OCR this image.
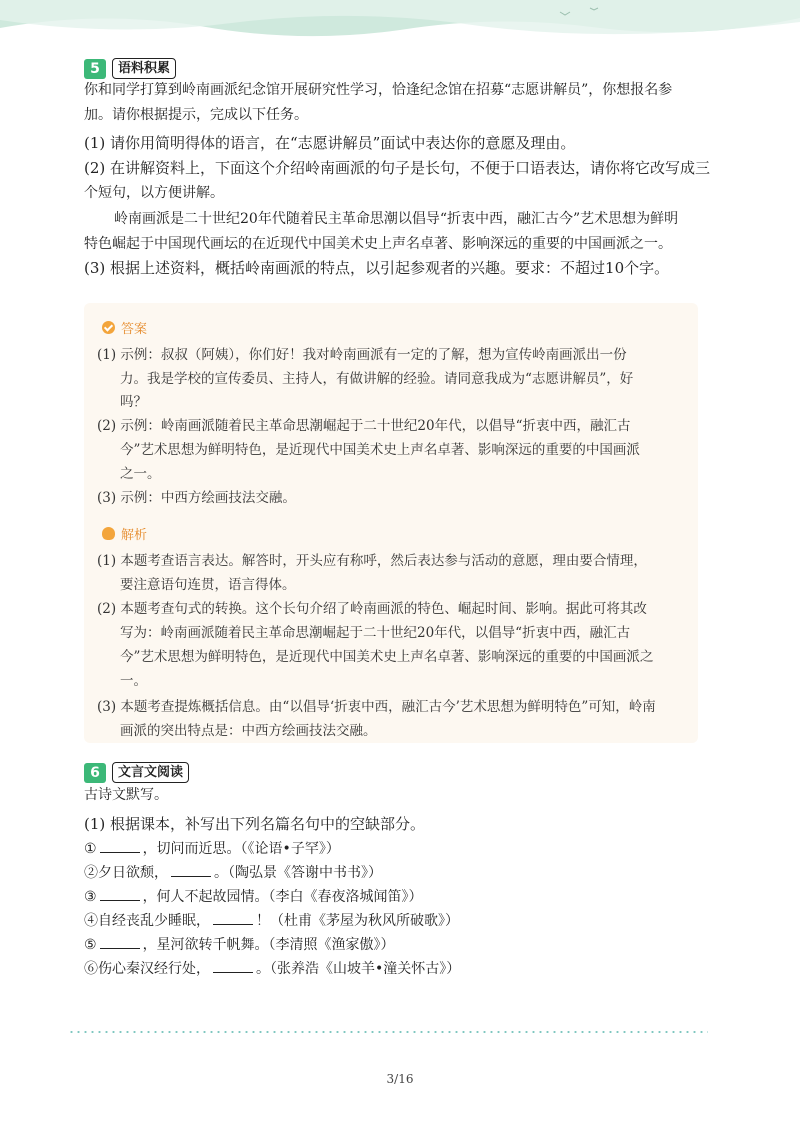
5	语料积累
你和同学打算到岭南画派纪念馆开展研究性学习，恰逢纪念馆在招募“志愿讲解员”，你想报名参
加。请你根据提示，完成以下任务。
(1) 请你用简明得体的语言，在“志愿讲解员”面试中表达你的意愿及理由。
(2) 在讲解资料上，下面这个介绍岭南画派的句子是长句，不便于口语表达，请你将它改写成三
个短句，以方便讲解。
岭南画派是二十世纪20年代随着民主革命思潮以倡导“折衷中西，融汇古今”艺术思想为鲜明
特色崛起于中国现代画坛的在近现代中国美术史上声名卓著、影响深远的重要的中国画派之一。
(3) 根据上述资料，概括岭南画派的特点，以引起参观者的兴趣。要求：不超过10个字。
答案
(1) 示例：叔叔（阿姨），你们好！我对岭南画派有一定的了解，想为宣传岭南画派出一份
力。我是学校的宣传委员、主持人，有做讲解的经验。请同意我成为“志愿讲解员”，好
吗？
(2) 示例：岭南画派随着民主革命思潮崛起于二十世纪20年代，以倡导“折衷中西，融汇古
今”艺术思想为鲜明特色，是近现代中国美术史上声名卓著、影响深远的重要的中国画派
之一。
(3) 示例：中西方绘画技法交融。
解析
(1) 本题考查语言表达。解答时，开头应有称呼，然后表达参与活动的意愿，理由要合情理，
要注意语句连贯，语言得体。
(2) 本题考查句式的转换。这个长句介绍了岭南画派的特色、崛起时间、影响。据此可将其改
写为：岭南画派随着民主革命思潮崛起于二十世纪20年代，以倡导“折衷中西，融汇古
今”艺术思想为鲜明特色，是近现代中国美术史上声名卓著、影响深远的重要的中国画派之
一。
(3) 本题考查提炼概括信息。由“以倡导‘折衷中西，融汇古今’艺术思想为鲜明特色”可知，岭南
画派的突出特点是：中西方绘画技法交融。
6	文言文阅读
古诗文默写。
(1) 根据课本，补写出下列名篇名句中的空缺部分。
①	，切问而近思。（《论语•子罕》）
②夕日欲颓，	。（陶弘景《答谢中书书》）
③	，何人不起故园情。（李白《春夜洛城闻笛》）
④自经丧乱少睡眠，	！（杜甫《茅屋为秋风所破歌》）
⑤	，星河欲转千帆舞。（李清照《渔家傲》）
⑥伤心秦汉经行处，	。（张养浩《山坡羊•潼关怀古》）
3/16
